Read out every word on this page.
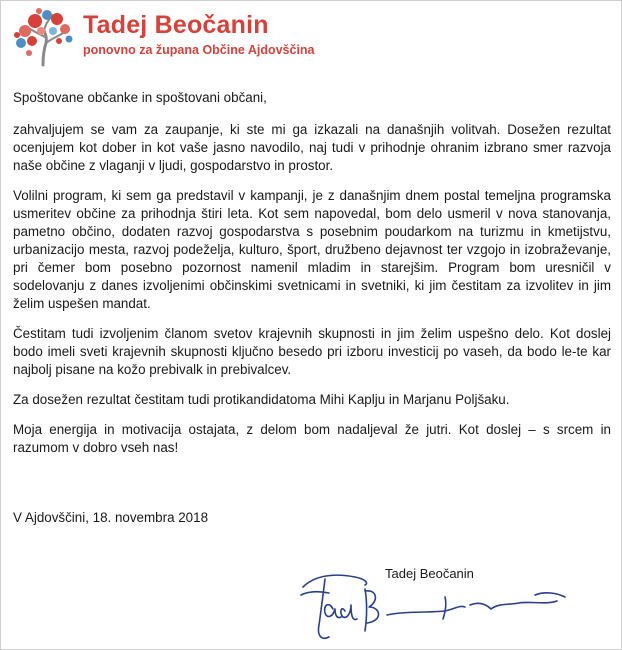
Tadej Beočanin
ponovno za župana Občine Ajdovščina

Spoštovane občanke in spoštovani občani,

zahvaljujem se vam za zaupanje, ki ste mi ga izkazali na današnjih volitvah. Dosežen rezultat ocenjujem kot dober in kot vaše jasno navodilo, naj tudi v prihodnje ohranim izbrano smer razvoja naše občine z vlaganji v ljudi, gospodarstvo in prostor.

Volilni program, ki sem ga predstavil v kampanji, je z današnjim dnem postal temeljna programska usmeritev občine za prihodnja štiri leta. Kot sem napovedal, bom delo usmeril v nova stanovanja, pametno občino, dodaten razvoj gospodarstva s posebnim poudarkom na turizmu in kmetijstvu, urbanizacijo mesta, razvoj podeželja, kulturo, šport, družbeno dejavnost ter vzgojo in izobraževanje, pri čemer bom posebno pozornost namenil mladim in starejšim. Program bom uresničil v sodelovanju z danes izvoljenimi občinskimi svetnicami in svetniki, ki jim čestitam za izvolitev in jim želim uspešen mandat.

Čestitam tudi izvoljenim članom svetov krajevnih skupnosti in jim želim uspešno delo. Kot doslej bodo imeli sveti krajevnih skupnosti ključno besedo pri izboru investicij po vaseh, da bodo le-te kar najbolj pisane na kožo prebivalk in prebivalcev.

Za dosežen rezultat čestitam tudi protikandidatoma Mihi Kaplju in Marjanu Poljšaku.

Moja energija in motivacija ostajata, z delom bom nadaljeval že jutri. Kot doslej – s srcem in razumom v dobro vseh nas!

V Ajdovščini, 18. novembra 2018
Tadej Beočanin
